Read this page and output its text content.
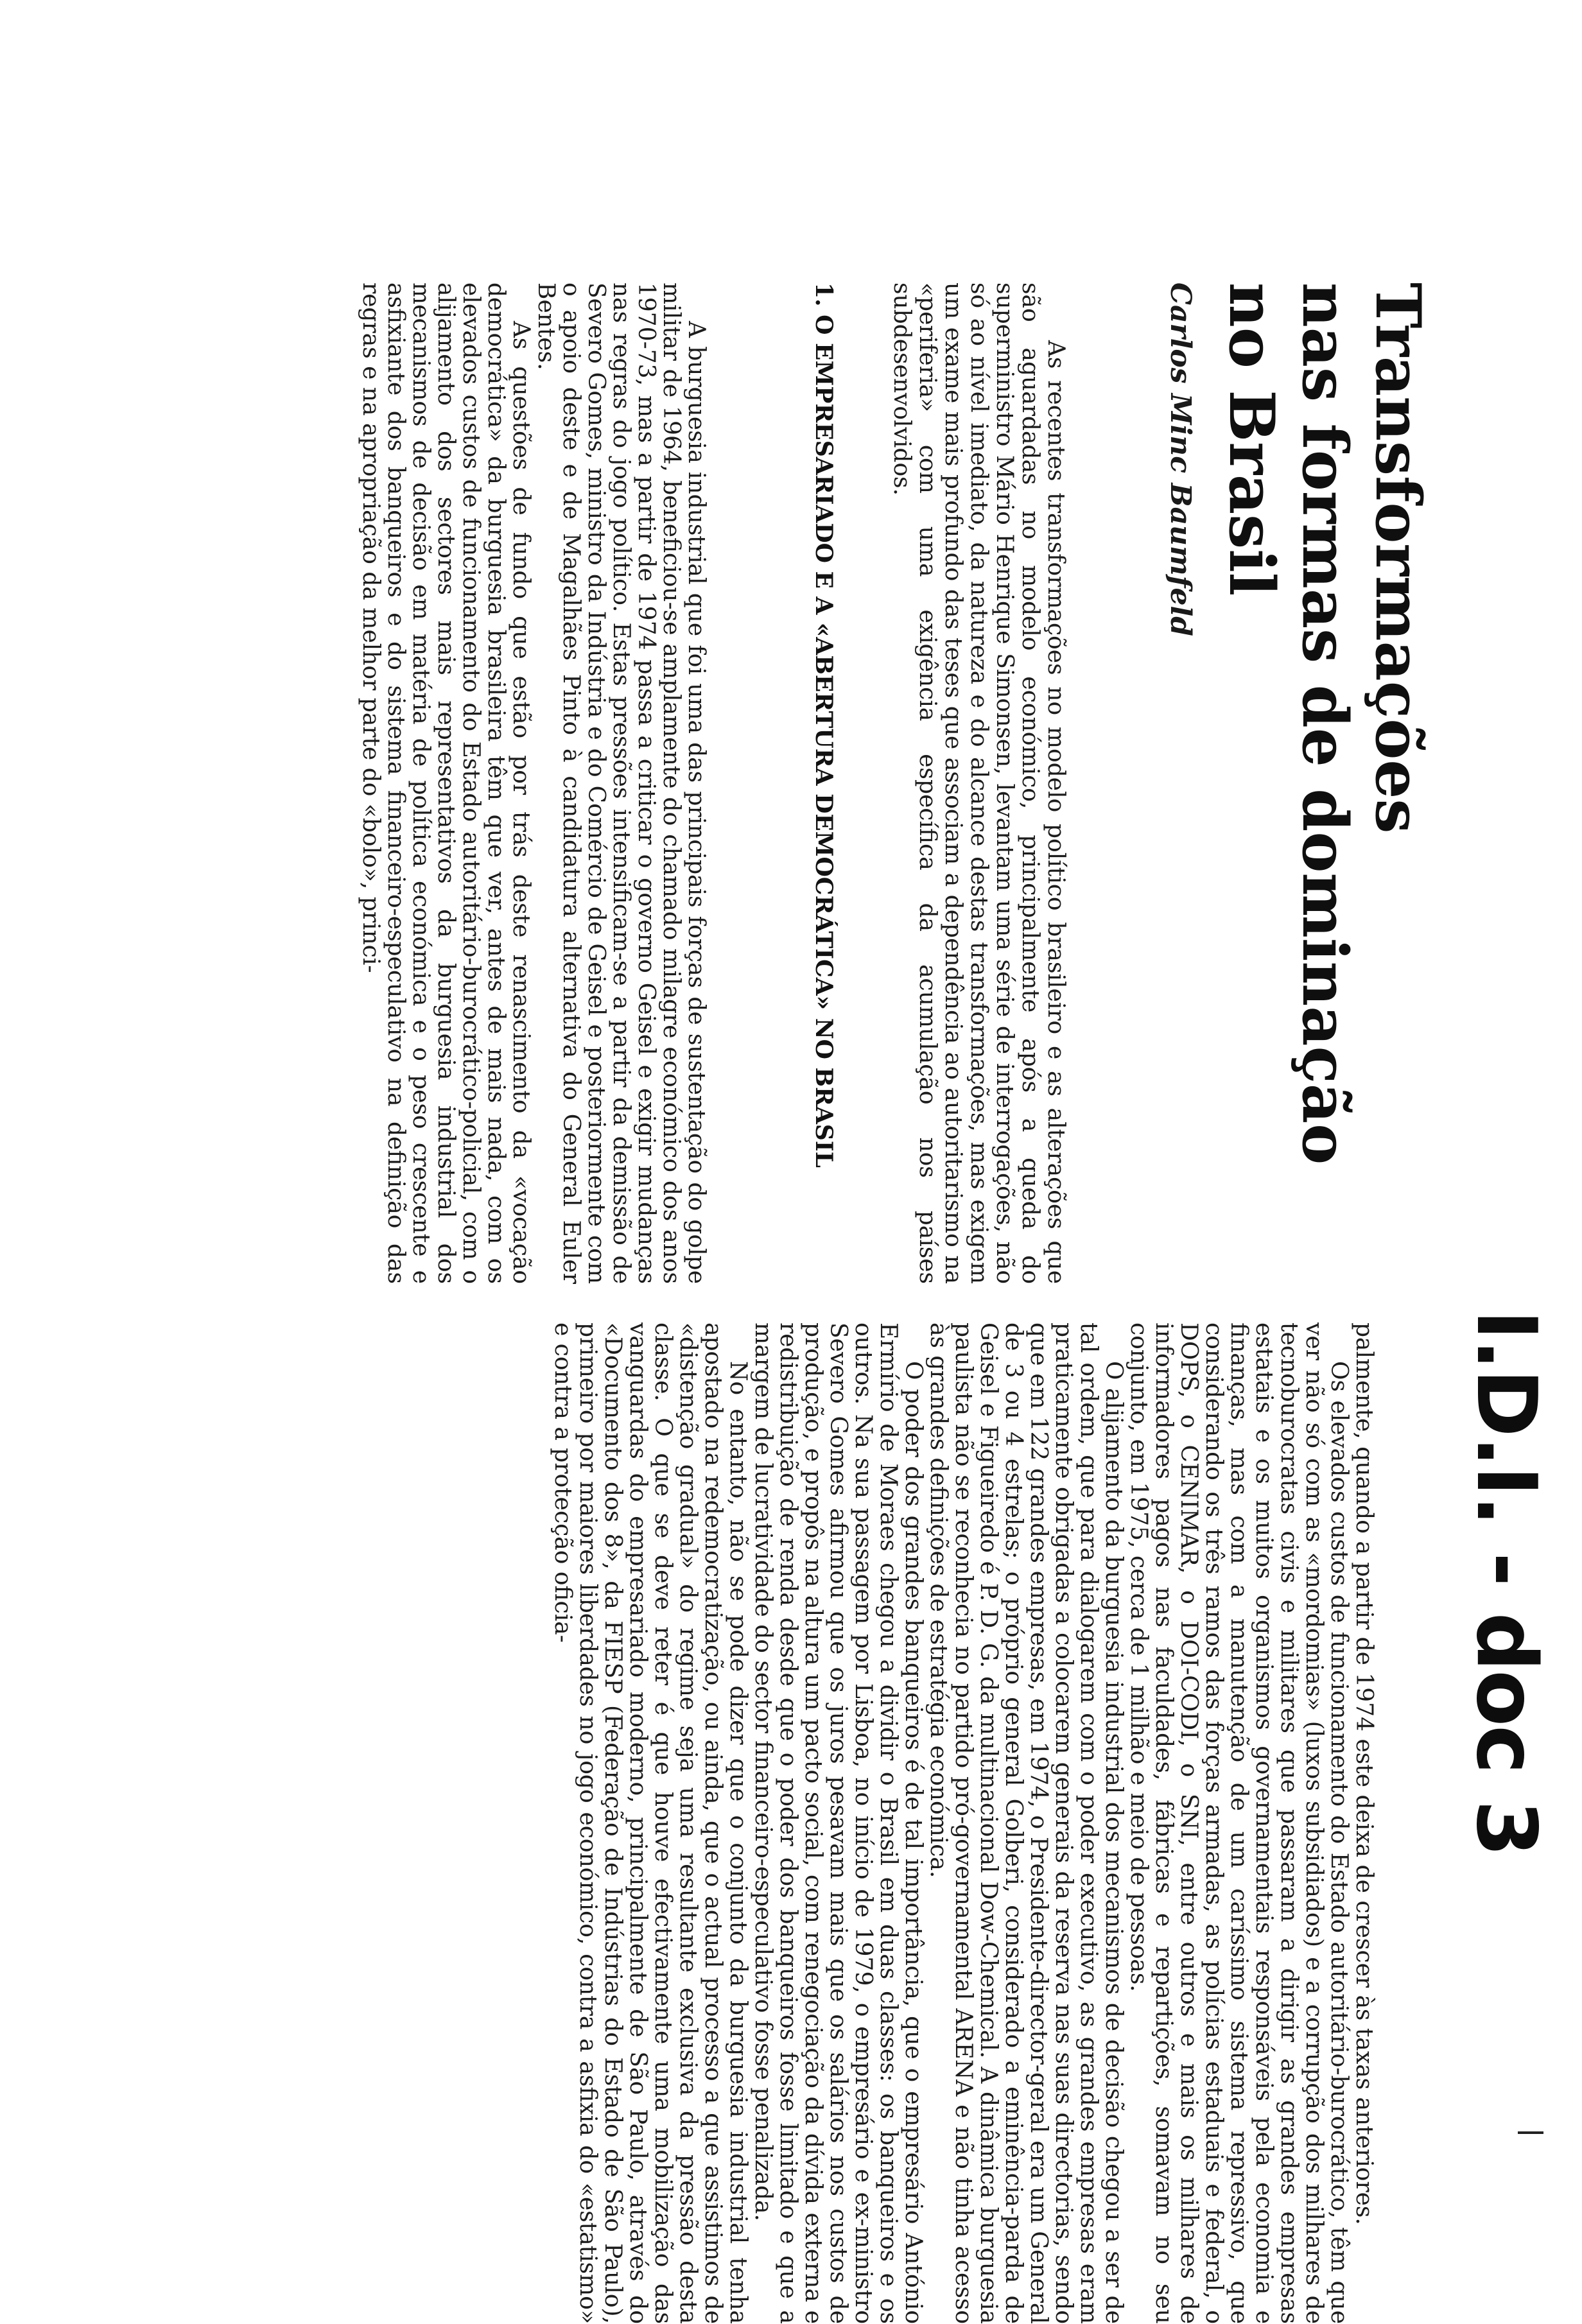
I.D.I. - doc 3
Transformações
nas formas de dominação
no Brasil
Carlos Minc Baumfeld
As recentes transformações no modelo político brasileiro e as alterações que são aguardadas no modelo económico, principalmente após a queda do superministro Mário Henrique Simonsen, levantam uma série de interrogações, não só ao nível imediato, da natureza e do alcance destas transformações, mas exigem um exame mais profundo das teses que associam a dependência ao autoritarismo na «periferia» com uma exigência específica da acumulação nos países subdesenvolvidos.
1. O EMPRESARIADO E A «ABERTURA DEMOCRÁTICA» NO BRASIL

A burguesia industrial que foi uma das principais forças de sustentação do golpe militar de 1964, beneficiou-se amplamente do chamado milagre económico dos anos 1970-73, mas a partir de 1974 passa a criticar o governo Geisel e exigir mudanças nas regras do jogo político. Estas pressões intensificam-se a partir da demissão de Severo Gomes, ministro da Indústria e do Comércio de Geisel e posteriormente com o apoio deste e de Magalhães Pinto à candidatura alternativa do General Euler Bentes.

As questões de fundo que estão por trás deste renascimento da «vocação democrática» da burguesia brasileira têm que ver, antes de mais nada, com os elevados custos de funcionamento do Estado autoritário-burocrático-policial, com o alijamento dos sectores mais representativos da burguesia industrial dos mecanismos de decisão em matéria de política económica e o peso crescente e asfixiante dos banqueiros e do sistema financeiro-especulativo na definição das regras e na apropriação da melhor parte do «bolo», princi-

palmente, quando a partir de 1974 este deixa de crescer às taxas anteriores.

Os elevados custos de funcionamento do Estado autoritário-burocrático, têm que ver não só com as «mordomias» (luxos subsidiados) e a corrupção dos milhares de tecnoburocratas civis e militares que passaram a dirigir as grandes empresas estatais e os muitos organismos governamentais responsáveis pela economia e finanças, mas com a manutenção de um caríssimo sistema repressivo, que considerando os três ramos das forças armadas, as polícias estaduais e federal, o DOPS, o CENIMAR, o DOI-CODI, o SNI, entre outros e mais os milhares de informadores pagos nas faculdades, fábricas e repartições, somavam no seu conjunto, em 1975, cerca de 1 milhão e meio de pessoas.

O alijamento da burguesia industrial dos mecanismos de decisão chegou a ser de tal ordem, que para dialogarem com o poder executivo, as grandes empresas eram praticamente obrigadas a colocarem generais da reserva nas suas directorias, sendo que em 122 grandes empresas, em 1974, o Presidente-director-geral era um General de 3 ou 4 estrelas; o próprio general Golberi, considerado a eminência-parda de Geisel e Figueiredo é P. D. G. da multinacional Dow-Chemical. A dinâmica burguesia paulista não se reconhecia no partido pró-governamental ARENA e não tinha acesso às grandes definições de estratégia económica.

O poder dos grandes banqueiros é de tal importância, que o empresário António Ermírio de Moraes chegou a dividir o Brasil em duas classes: os banqueiros e os outros. Na sua passagem por Lisboa, no início de 1979, o empresário e ex-ministro Severo Gomes afirmou que os juros pesavam mais que os salários nos custos de produção, e propôs na altura um pacto social, com renegociação da dívida externa e redistribuição de renda desde que o poder dos banqueiros fosse limitado e que a margem de lucratividade do sector financeiro-especulativo fosse penalizada.

No entanto, não se pode dizer que o conjunto da burguesia industrial tenha apostado na redemocratização, ou ainda, que o actual processo a que assistimos de «distenção gradual» do regime seja uma resultante exclusiva da pressão desta classe. O que se deve reter é que houve efectivamente uma mobilização das vanguardas do empresariado moderno, principalmente de São Paulo, através do «Documento dos 8», da FIESP (Federação de Indústrias do Estado de São Paulo), primeiro por maiores liberdades no jogo económico, contra a asfixia do «estatismo» e contra a protecção oficia-
